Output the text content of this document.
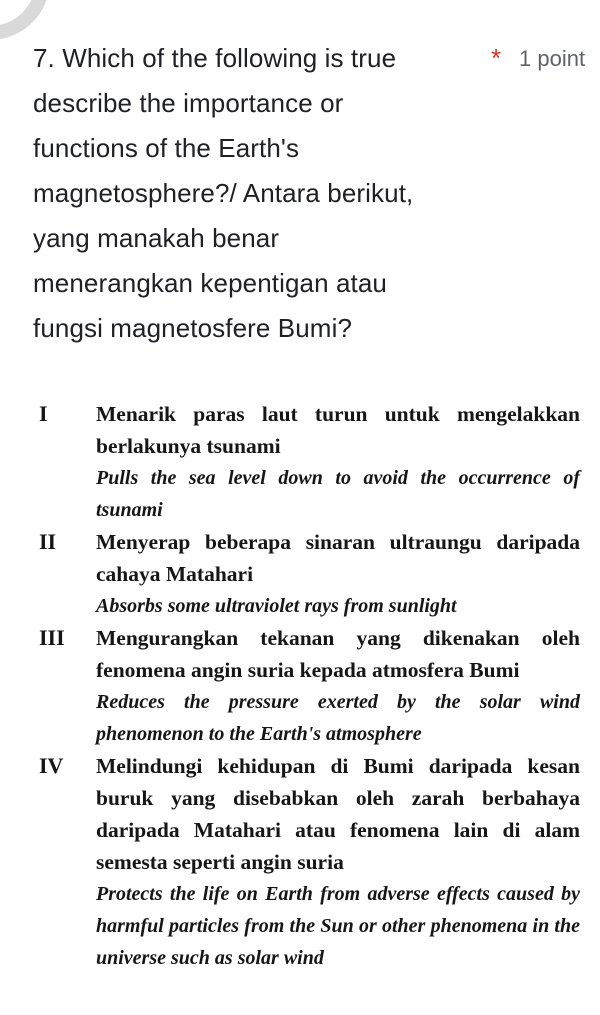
7. Which of the following is true
describe the importance or
functions of the Earth's
magnetosphere?/ Antara berikut,
yang manakah benar
menerangkan kepentigan atau
fungsi magnetosfere Bumi?
* 1 point
I Menarik paras laut turun untuk mengelakkan berlakunya tsunami
Pulls the sea level down to avoid the occurrence of tsunami
II Menyerap beberapa sinaran ultraungu daripada cahaya Matahari
Absorbs some ultraviolet rays from sunlight
III Mengurangkan tekanan yang dikenakan oleh fenomena angin suria kepada atmosfera Bumi
Reduces the pressure exerted by the solar wind phenomenon to the Earth's atmosphere
IV Melindungi kehidupan di Bumi daripada kesan buruk yang disebabkan oleh zarah berbahaya daripada Matahari atau fenomena lain di alam semesta seperti angin suria
Protects the life on Earth from adverse effects caused by harmful particles from the Sun or other phenomena in the universe such as solar wind
